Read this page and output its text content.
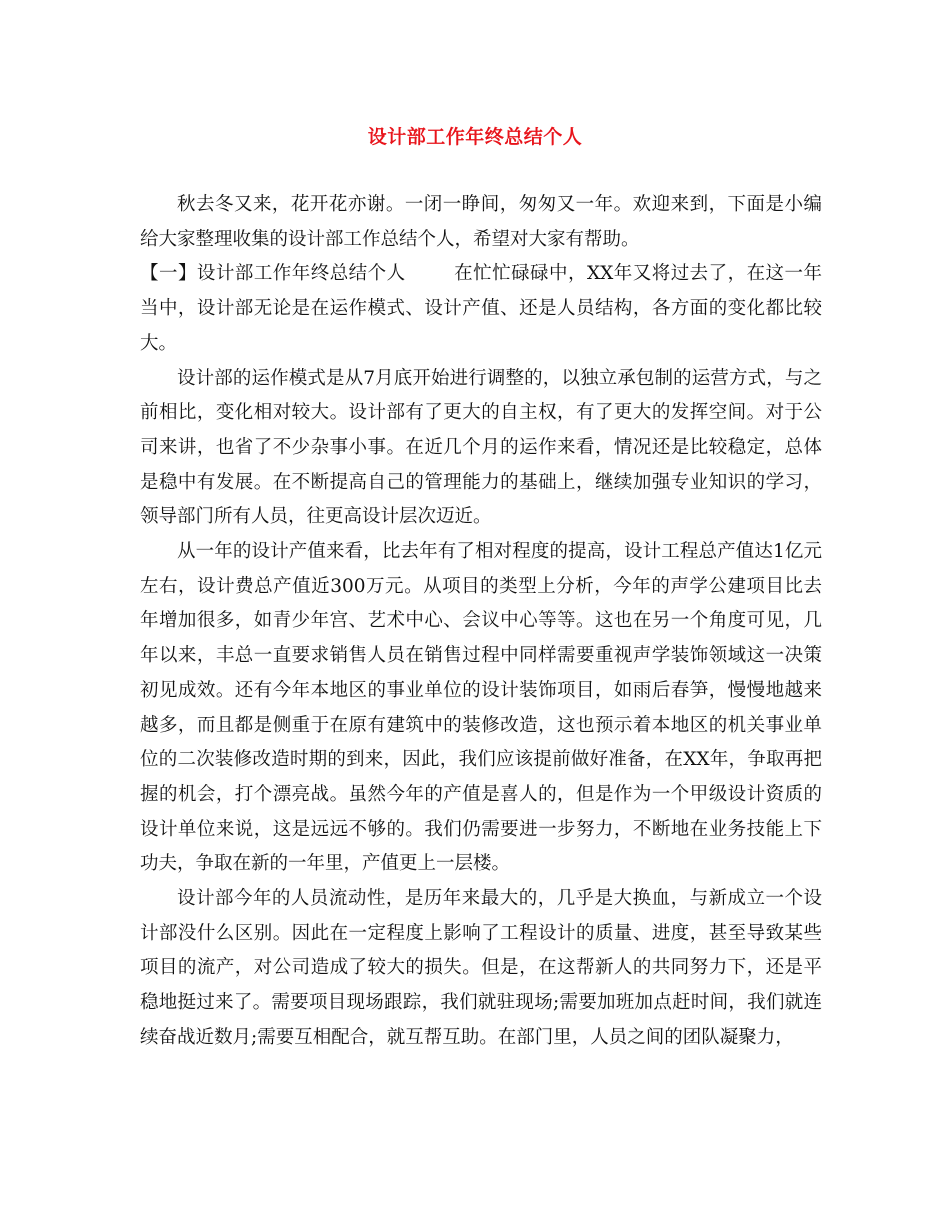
设计部工作年终总结个人

秋去冬又来，花开花亦谢。一闭一睁间，匆匆又一年。欢迎来到，下面是小编给大家整理收集的设计部工作总结个人，希望对大家有帮助。

【一】设计部工作年终总结个人	在忙忙碌碌中，XX年又将过去了，在这一年当中，设计部无论是在运作模式、设计产值、还是人员结构，各方面的变化都比较大。

设计部的运作模式是从7月底开始进行调整的，以独立承包制的运营方式，与之前相比，变化相对较大。设计部有了更大的自主权，有了更大的发挥空间。对于公司来讲，也省了不少杂事小事。在近几个月的运作来看，情况还是比较稳定，总体是稳中有发展。在不断提高自己的管理能力的基础上，继续加强专业知识的学习，领导部门所有人员，往更高设计层次迈近。

从一年的设计产值来看，比去年有了相对程度的提高，设计工程总产值达1亿元左右，设计费总产值近300万元。从项目的类型上分析，今年的声学公建项目比去年增加很多，如青少年宫、艺术中心、会议中心等等。这也在另一个角度可见，几年以来，丰总一直要求销售人员在销售过程中同样需要重视声学装饰领域这一决策初见成效。还有今年本地区的事业单位的设计装饰项目，如雨后春笋，慢慢地越来越多，而且都是侧重于在原有建筑中的装修改造，这也预示着本地区的机关事业单位的二次装修改造时期的到来，因此，我们应该提前做好准备，在XX年，争取再把握的机会，打个漂亮战。虽然今年的产值是喜人的，但是作为一个甲级设计资质的设计单位来说，这是远远不够的。我们仍需要进一步努力，不断地在业务技能上下功夫，争取在新的一年里，产值更上一层楼。

设计部今年的人员流动性，是历年来最大的，几乎是大换血，与新成立一个设计部没什么区别。因此在一定程度上影响了工程设计的质量、进度，甚至导致某些项目的流产，对公司造成了较大的损失。但是，在这帮新人的共同努力下，还是平稳地挺过来了。需要项目现场跟踪，我们就驻现场;需要加班加点赶时间，我们就连续奋战近数月;需要互相配合，就互帮互助。在部门里，人员之间的团队凝聚力，
